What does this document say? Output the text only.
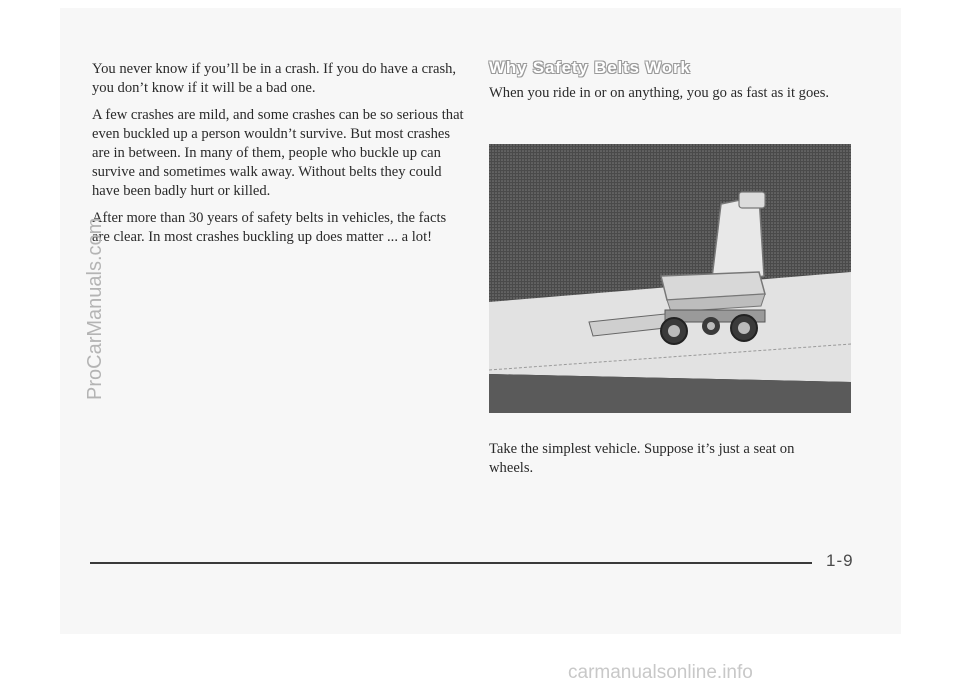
You never know if you’ll be in a crash. If you do have a crash, you don’t know if it will be a bad one.

A few crashes are mild, and some crashes can be so serious that even buckled up a person wouldn’t survive. But most crashes are in between. In many of them, people who buckle up can survive and sometimes walk away. Without belts they could have been badly hurt or killed.

After more than 30 years of safety belts in vehicles, the facts are clear. In most crashes buckling up does matter ... a lot!

Why Safety Belts Work

When you ride in or on anything, you go as fast as it goes.

Take the simplest vehicle. Suppose it’s just a seat on wheels.

1-9
ProCarManuals.com
carmanualsonline.info
